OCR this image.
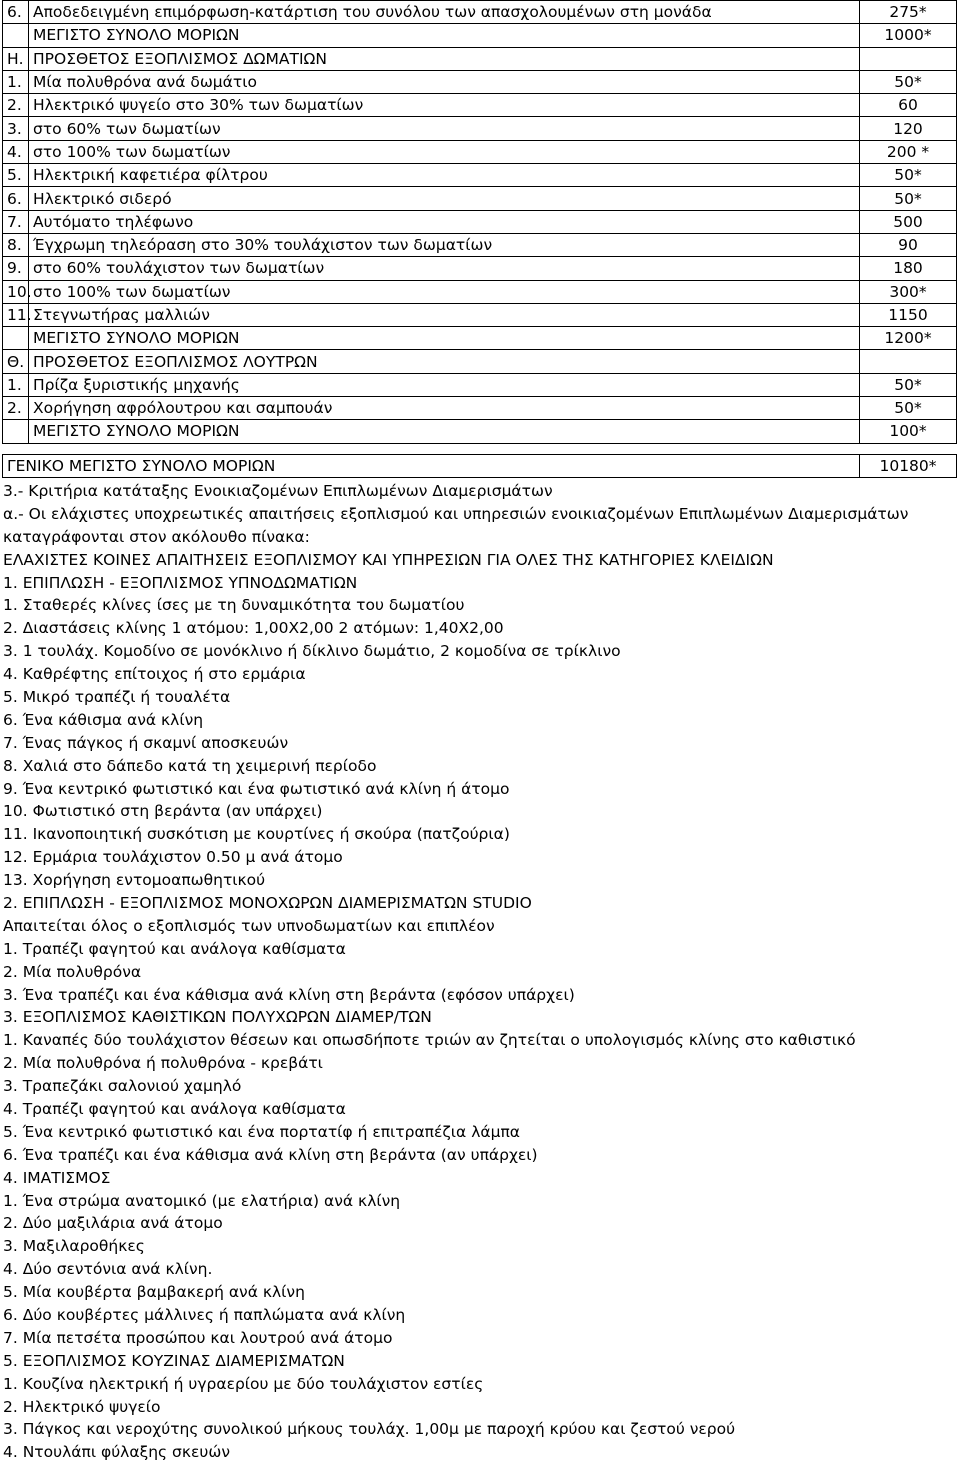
6.	Αποδεδειγμένη επιμόρφωση-κατάρτιση του συνόλου των απασχολουμένων στη μονάδα	275*
	ΜΕΓΙΣΤΟ ΣΥΝΟΛΟ ΜΟΡΙΩΝ	1000*
Η.	ΠΡΟΣΘΕΤΟΣ ΕΞΟΠΛΙΣΜΟΣ ΔΩΜΑΤΙΩΝ	
1.	Μία πολυθρόνα ανά δωμάτιο	50*
2.	Ηλεκτρικό ψυγείο στο 30% των δωματίων	60
3.	στο 60% των δωματίων	120
4.	στο 100% των δωματίων	200 *
5.	Ηλεκτρική καφετιέρα φίλτρου	50*
6.	Ηλεκτρικό σιδερό	50*
7.	Αυτόματο τηλέφωνο	500
8.	Έγχρωμη τηλεόραση στο 30% τουλάχιστον των δωματίων	90
9.	στο 60% τουλάχιστον των δωματίων	180
10.	στο 100% των δωματίων	300*
11.	Στεγνωτήρας μαλλιών	1150
	ΜΕΓΙΣΤΟ ΣΥΝΟΛΟ ΜΟΡΙΩΝ	1200*
Θ.	ΠΡΟΣΘΕΤΟΣ ΕΞΟΠΛΙΣΜΟΣ ΛΟΥΤΡΩΝ	
1.	Πρίζα ξυριστικής μηχανής	50*
2.	Χορήγηση αφρόλουτρου και σαμπουάν	50*
	ΜΕΓΙΣΤΟ ΣΥΝΟΛΟ ΜΟΡΙΩΝ	100*
ΓΕΝΙΚΟ ΜΕΓΙΣΤΟ ΣΥΝΟΛΟ ΜΟΡΙΩΝ	10180*
3.- Κριτήρια κατάταξης Ενοικιαζομένων Επιπλωμένων Διαμερισμάτων
α.- Οι ελάχιστες υποχρεωτικές απαιτήσεις εξοπλισμού και υπηρεσιών ενοικιαζομένων Επιπλωμένων Διαμερισμάτων
καταγράφονται στον ακόλουθο πίνακα:
ΕΛΑΧΙΣΤΕΣ ΚΟΙΝΕΣ ΑΠΑΙΤΗΣΕΙΣ ΕΞΟΠΛΙΣΜΟΥ ΚΑΙ ΥΠΗΡΕΣΙΩΝ ΓΙΑ ΟΛΕΣ ΤΗΣ ΚΑΤΗΓΟΡΙΕΣ ΚΛΕΙΔΙΩΝ
1. ΕΠΙΠΛΩΣΗ - ΕΞΟΠΛΙΣΜΟΣ ΥΠΝΟΔΩΜΑΤΙΩΝ
1. Σταθερές κλίνες ίσες με τη δυναμικότητα του δωματίου
2. Διαστάσεις κλίνης 1 ατόμου: 1,00Χ2,00 2 ατόμων: 1,40Χ2,00
3. 1 τουλάχ. Κομοδίνο σε μονόκλινο ή δίκλινο δωμάτιο, 2 κομοδίνα σε τρίκλινο
4. Καθρέφτης επίτοιχος ή στο ερμάρια
5. Μικρό τραπέζι ή τουαλέτα
6. Ένα κάθισμα ανά κλίνη
7. Ένας πάγκος ή σκαμνί αποσκευών
8. Χαλιά στο δάπεδο κατά τη χειμερινή περίοδο
9. Ένα κεντρικό φωτιστικό και ένα φωτιστικό ανά κλίνη ή άτομο
10. Φωτιστικό στη βεράντα (αν υπάρχει)
11. Ικανοποιητική συσκότιση με κουρτίνες ή σκούρα (πατζούρια)
12. Ερμάρια τουλάχιστον 0.50 μ ανά άτομο
13. Χορήγηση εντομοαπωθητικού
2. ΕΠΙΠΛΩΣΗ - ΕΞΟΠΛΙΣΜΟΣ ΜΟΝΟΧΩΡΩΝ ΔΙΑΜΕΡΙΣΜΑΤΩΝ STUDIO
Απαιτείται όλος ο εξοπλισμός των υπνοδωματίων και επιπλέον
1. Τραπέζι φαγητού και ανάλογα καθίσματα
2. Μία πολυθρόνα
3. Ένα τραπέζι και ένα κάθισμα ανά κλίνη στη βεράντα (εφόσον υπάρχει)
3. ΕΞΟΠΛΙΣΜΟΣ ΚΑΘΙΣΤΙΚΩΝ ΠΟΛΥΧΩΡΩΝ ΔΙΑΜΕΡ/ΤΩΝ
1. Καναπές δύο τουλάχιστον θέσεων και οπωσδήποτε τριών αν ζητείται ο υπολογισμός κλίνης στο καθιστικό
2. Μία πολυθρόνα ή πολυθρόνα - κρεβάτι
3. Τραπεζάκι σαλονιού χαμηλό
4. Τραπέζι φαγητού και ανάλογα καθίσματα
5. Ένα κεντρικό φωτιστικό και ένα πορτατίφ ή επιτραπέζια λάμπα
6. Ένα τραπέζι και ένα κάθισμα ανά κλίνη στη βεράντα (αν υπάρχει)
4. ΙΜΑΤΙΣΜΟΣ
1. Ένα στρώμα ανατομικό (με ελατήρια) ανά κλίνη
2. Δύο μαξιλάρια ανά άτομο
3. Μαξιλαροθήκες
4. Δύο σεντόνια ανά κλίνη.
5. Μία κουβέρτα βαμβακερή ανά κλίνη
6. Δύο κουβέρτες μάλλινες ή παπλώματα ανά κλίνη
7. Μία πετσέτα προσώπου και λουτρού ανά άτομο
5. ΕΞΟΠΛΙΣΜΟΣ ΚΟΥΖΙΝΑΣ ΔΙΑΜΕΡΙΣΜΑΤΩΝ
1. Κουζίνα ηλεκτρική ή υγραερίου με δύο τουλάχιστον εστίες
2. Ηλεκτρικό ψυγείο
3. Πάγκος και νεροχύτης συνολικού μήκους τουλάχ. 1,00μ με παροχή κρύου και ζεστού νερού
4. Ντουλάπι φύλαξης σκευών
